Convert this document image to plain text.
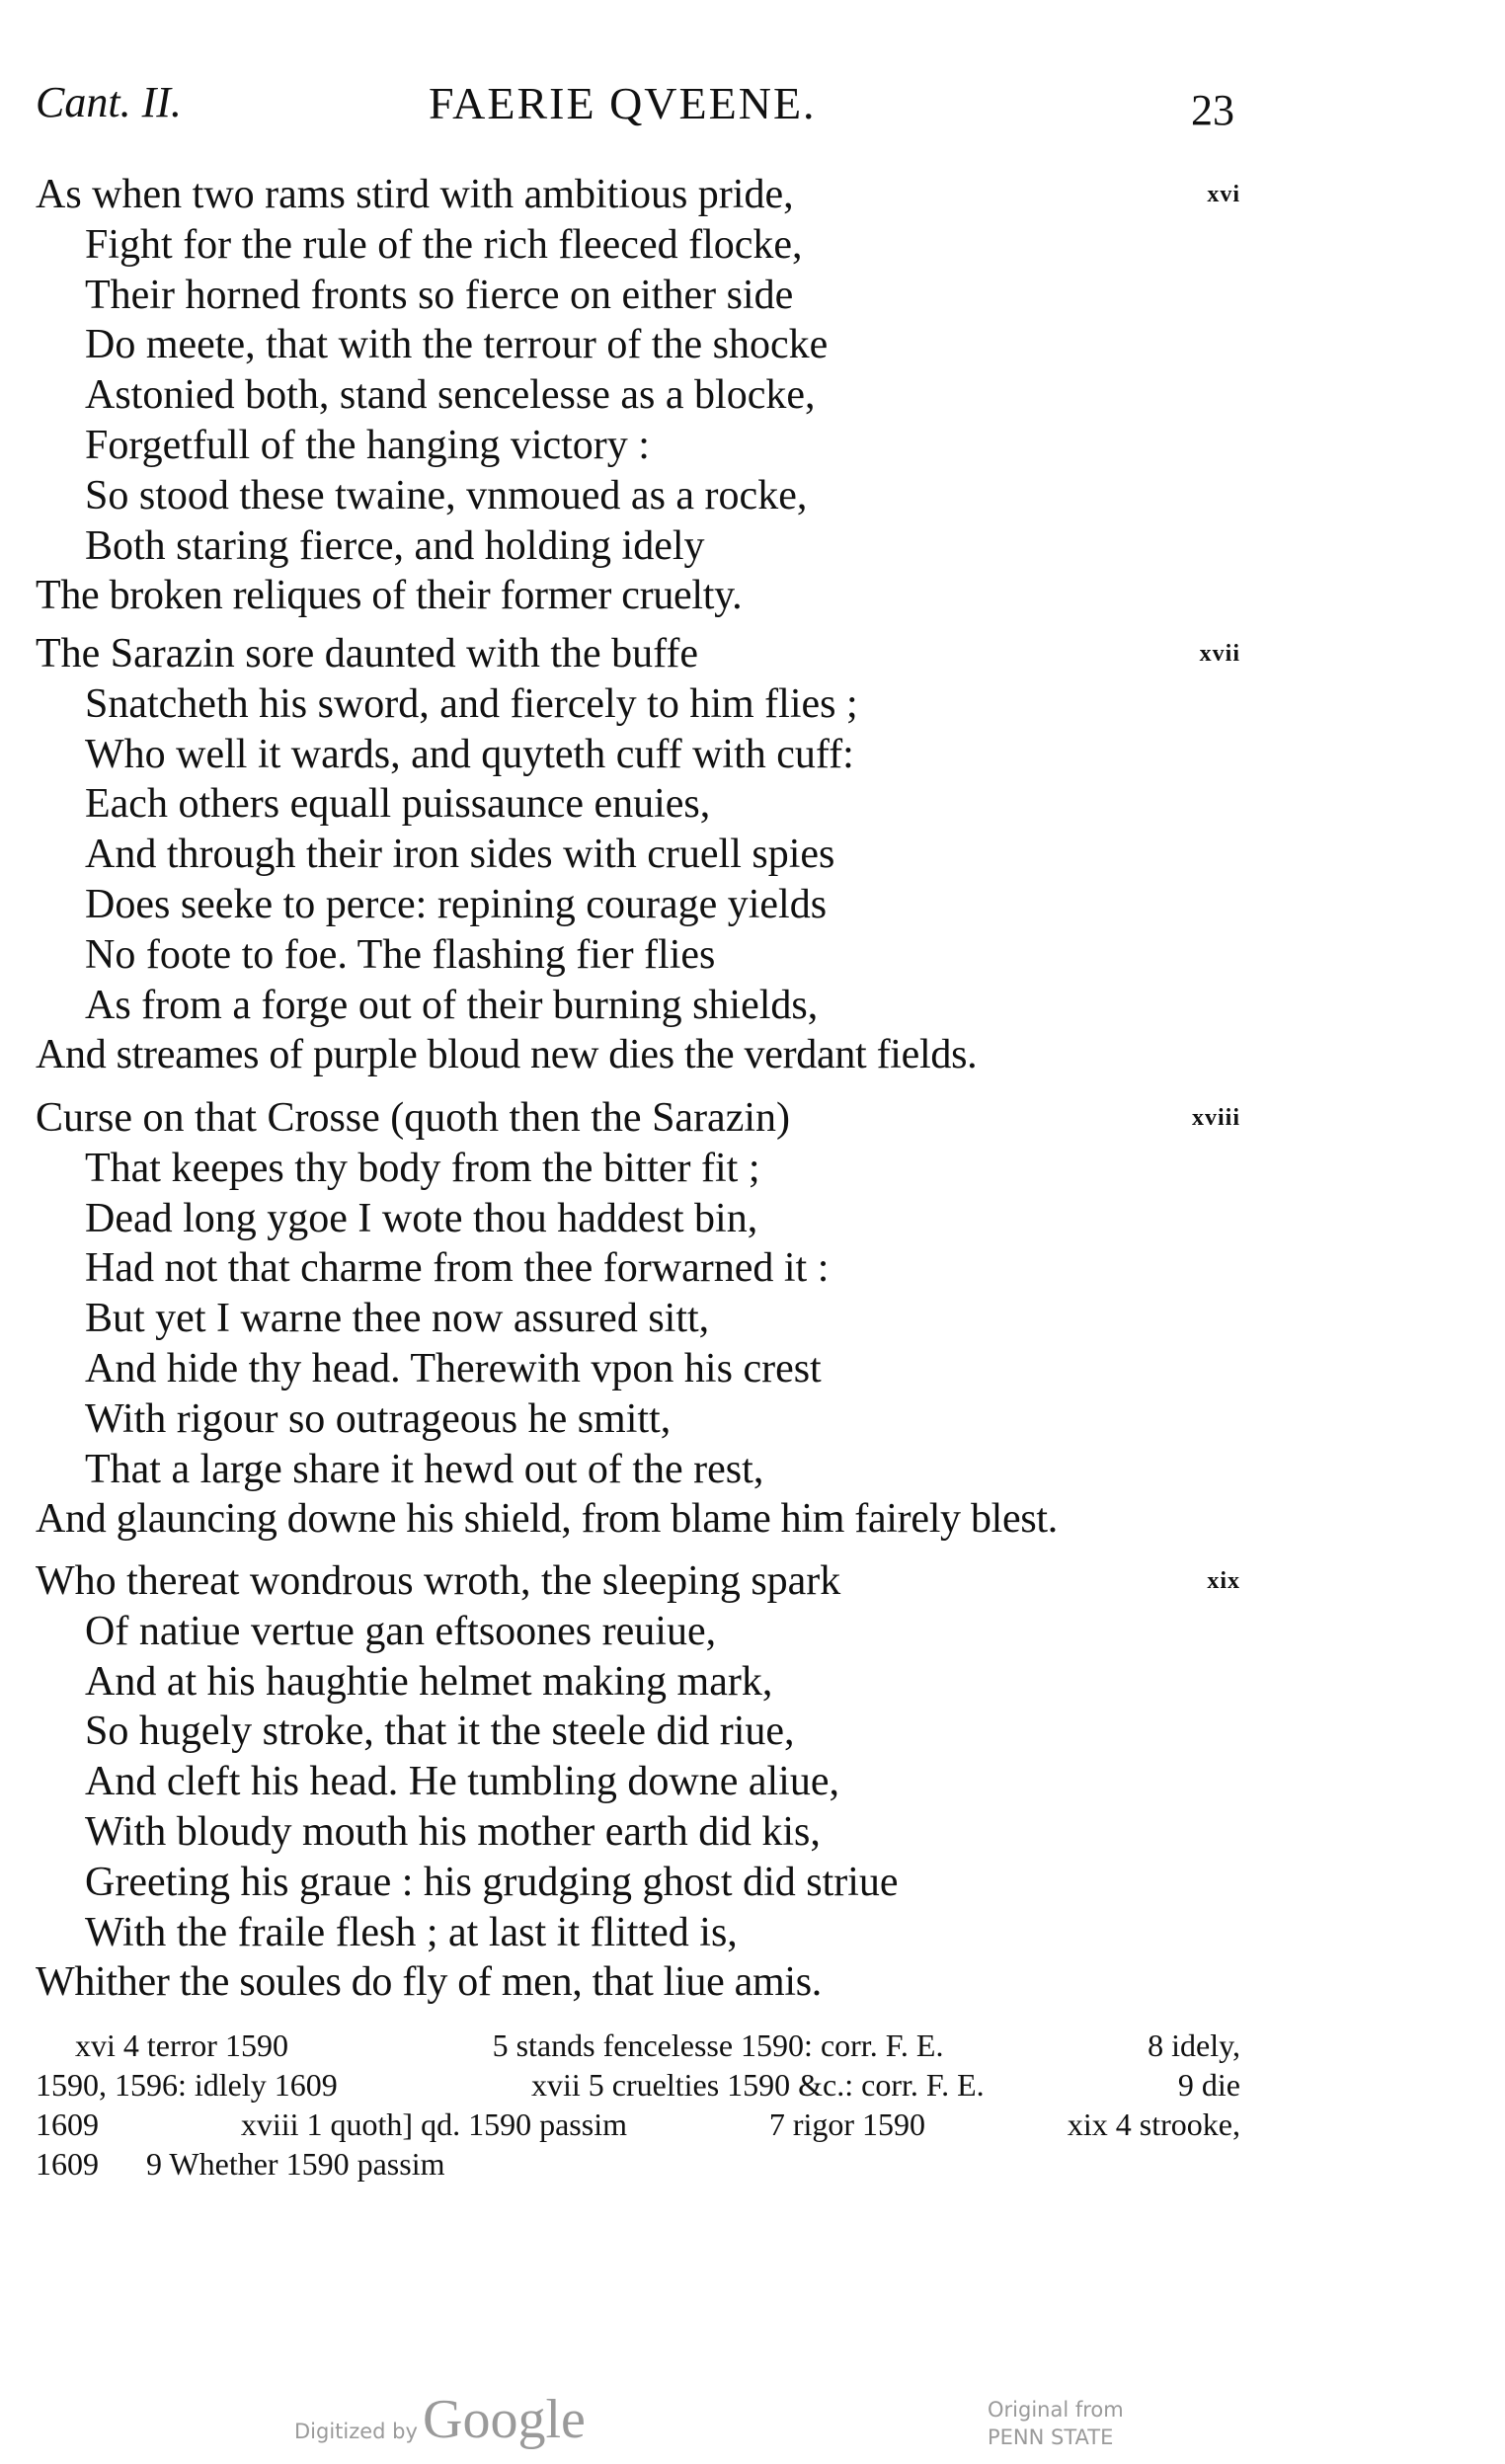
Cant. II.	FAERIE QVEENE.	23
xvi
As when two rams stird with ambitious pride,
Fight for the rule of the rich fleeced flocke,
Their horned fronts so fierce on either side
Do meete, that with the terrour of the shocke
Astonied both, stand sencelesse as a blocke,
Forgetfull of the hanging victory :
So stood these twaine, vnmoued as a rocke,
Both staring fierce, and holding idely
The broken reliques of their former cruelty.
xvii
The Sarazin sore daunted with the buffe
Snatcheth his sword, and fiercely to him flies ;
Who well it wards, and quyteth cuff with cuff:
Each others equall puissaunce enuies,
And through their iron sides with cruell spies
Does seeke to perce: repining courage yields
No foote to foe. The flashing fier flies
As from a forge out of their burning shields,
And streames of purple bloud new dies the verdant fields.
xviii
Curse on that Crosse (quoth then the Sarazin)
That keepes thy body from the bitter fit ;
Dead long ygoe I wote thou haddest bin,
Had not that charme from thee forwarned it :
But yet I warne thee now assured sitt,
And hide thy head. Therewith vpon his crest
With rigour so outrageous he smitt,
That a large share it hewd out of the rest,
And glauncing downe his shield, from blame him fairely blest.
xix
Who thereat wondrous wroth, the sleeping spark
Of natiue vertue gan eftsoones reuiue,
And at his haughtie helmet making mark,
So hugely stroke, that it the steele did riue,
And cleft his head. He tumbling downe aliue,
With bloudy mouth his mother earth did kis,
Greeting his graue : his grudging ghost did striue
With the fraile flesh ; at last it flitted is,
Whither the soules do fly of men, that liue amis.
xvi 4 terror 1590	5 stands fencelesse 1590: corr. F. E.	8 idely,
1590, 1596: idlely 1609	xvii 5 cruelties 1590 &c.: corr. F. E.	9 die
1609	xviii 1 quoth] qd. 1590 passim	7 rigor 1590	xix 4 strooke,
1609 9 Whether 1590 passim
Digitized by Google	Original from
PENN STATE
